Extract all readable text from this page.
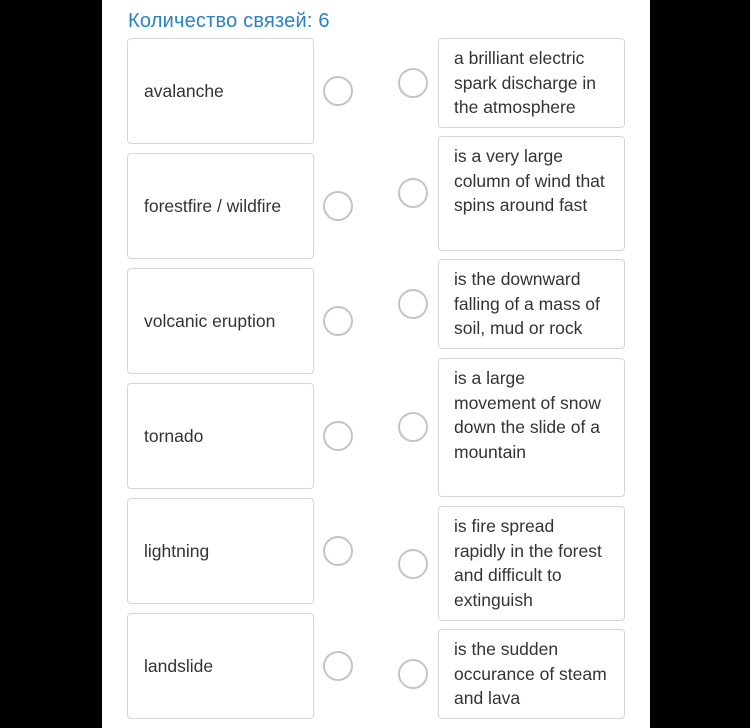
Количество связей: 6
avalanche
forestfire / wildfire
volcanic eruption
tornado
lightning
landslide
a brilliant electric spark discharge in the atmosphere
is a very large column of wind that spins around fast
is the downward falling of a mass of soil, mud or rock
is a large movement of snow down the slide of a mountain
is fire spread rapidly in the forest and difficult to extinguish
is the sudden occurance of steam and lava
